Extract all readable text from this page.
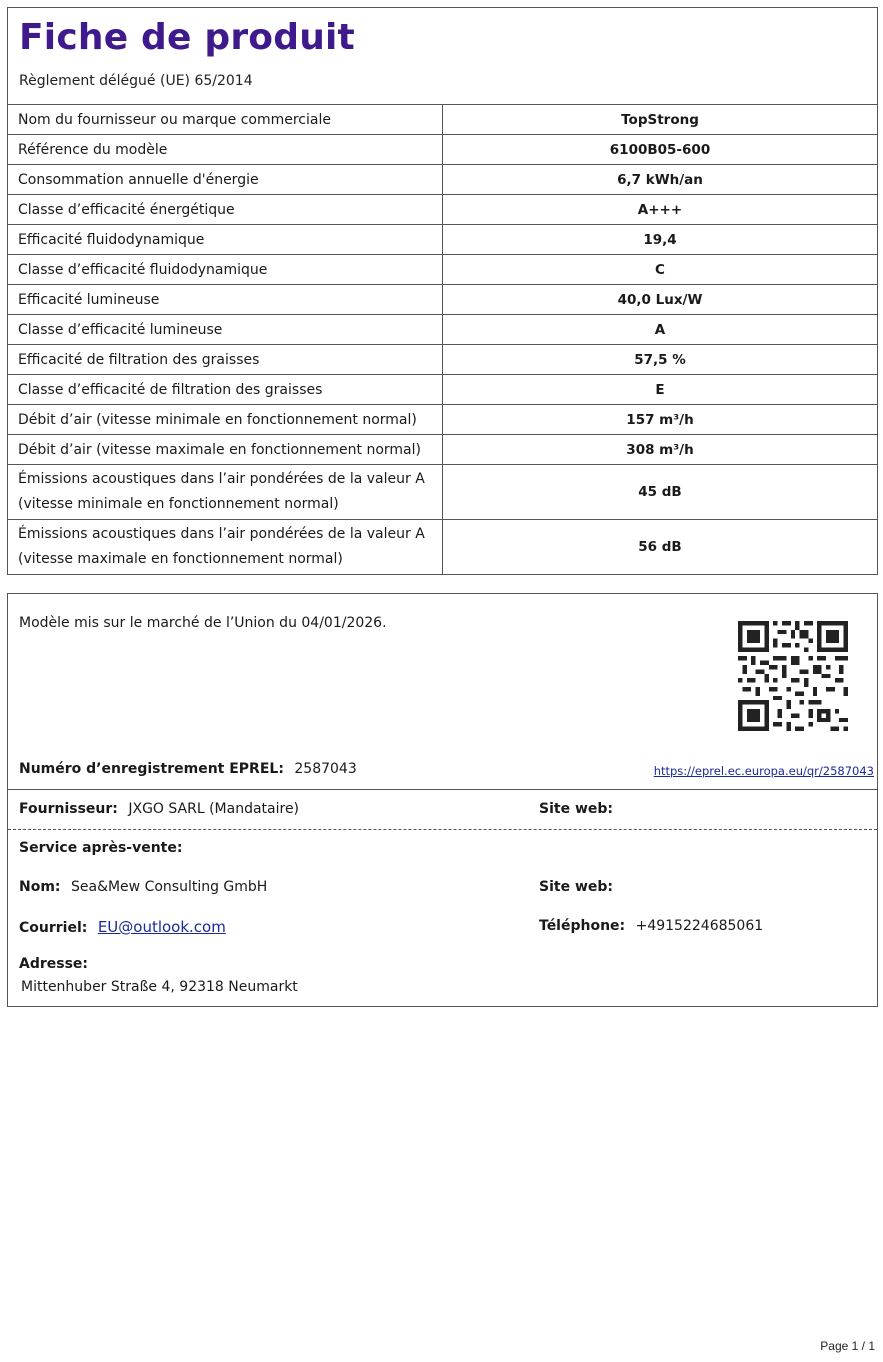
Fiche de produit
Règlement délégué (UE) 65/2014
Nom du fournisseur ou marque commerciale	TopStrong
Référence du modèle	6100B05-600
Consommation annuelle d'énergie	6,7 kWh/an
Classe d’efficacité énergétique	A+++
Efficacité fluidodynamique	19,4
Classe d’efficacité fluidodynamique	C
Efficacité lumineuse	40,0 Lux/W
Classe d’efficacité lumineuse	A
Efficacité de filtration des graisses	57,5 %
Classe d’efficacité de filtration des graisses	E
Débit d’air (vitesse minimale en fonctionnement normal)	157 m³/h
Débit d’air (vitesse maximale en fonctionnement normal)	308 m³/h

Émissions acoustiques dans l’air pondérées de la valeur A
(vitesse minimale en fonctionnement normal)	45 dB

Émissions acoustiques dans l’air pondérées de la valeur A
(vitesse maximale en fonctionnement normal)	56 dB
Modèle mis sur le marché de l’Union du 04/01/2026.
Numéro d’enregistrement EPREL: 2587043	https://eprel.ec.europa.eu/qr/2587043
Fournisseur: JXGO SARL (Mandataire)	Site web:
Service après-vente:
Nom: Sea&Mew Consulting GmbH	Site web:
Courriel: EU@outlook.com	Téléphone: +4915224685061
Adresse:
Mittenhuber Straße 4, 92318 Neumarkt
Page 1 / 1
